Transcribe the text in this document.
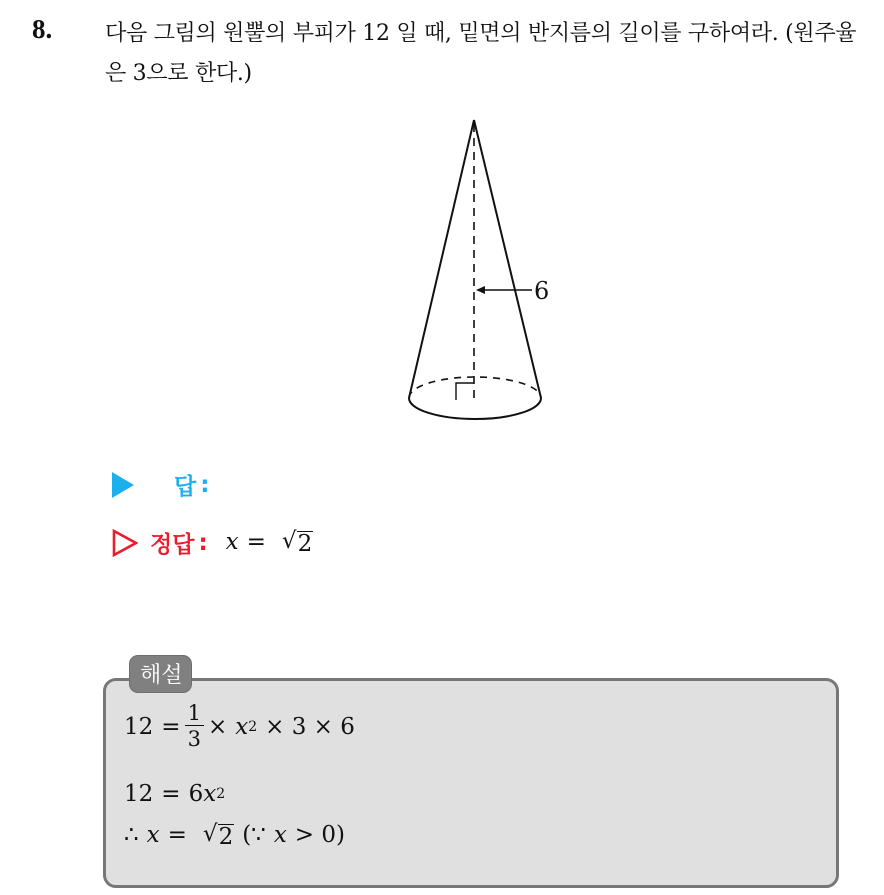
8. 다음 그림의 원뿔의 부피가 12 일 때, 밑면의 반지름의 길이를 구하여라. (원주율은 3으로 한다.)
6
답 :
정답 : x = √ 2
해설
$12 = \frac{1}{3} \times x$ 2 × 3 × 6
12 = 6 x 2
∴ x = √ 2 (∵ x > 0)
